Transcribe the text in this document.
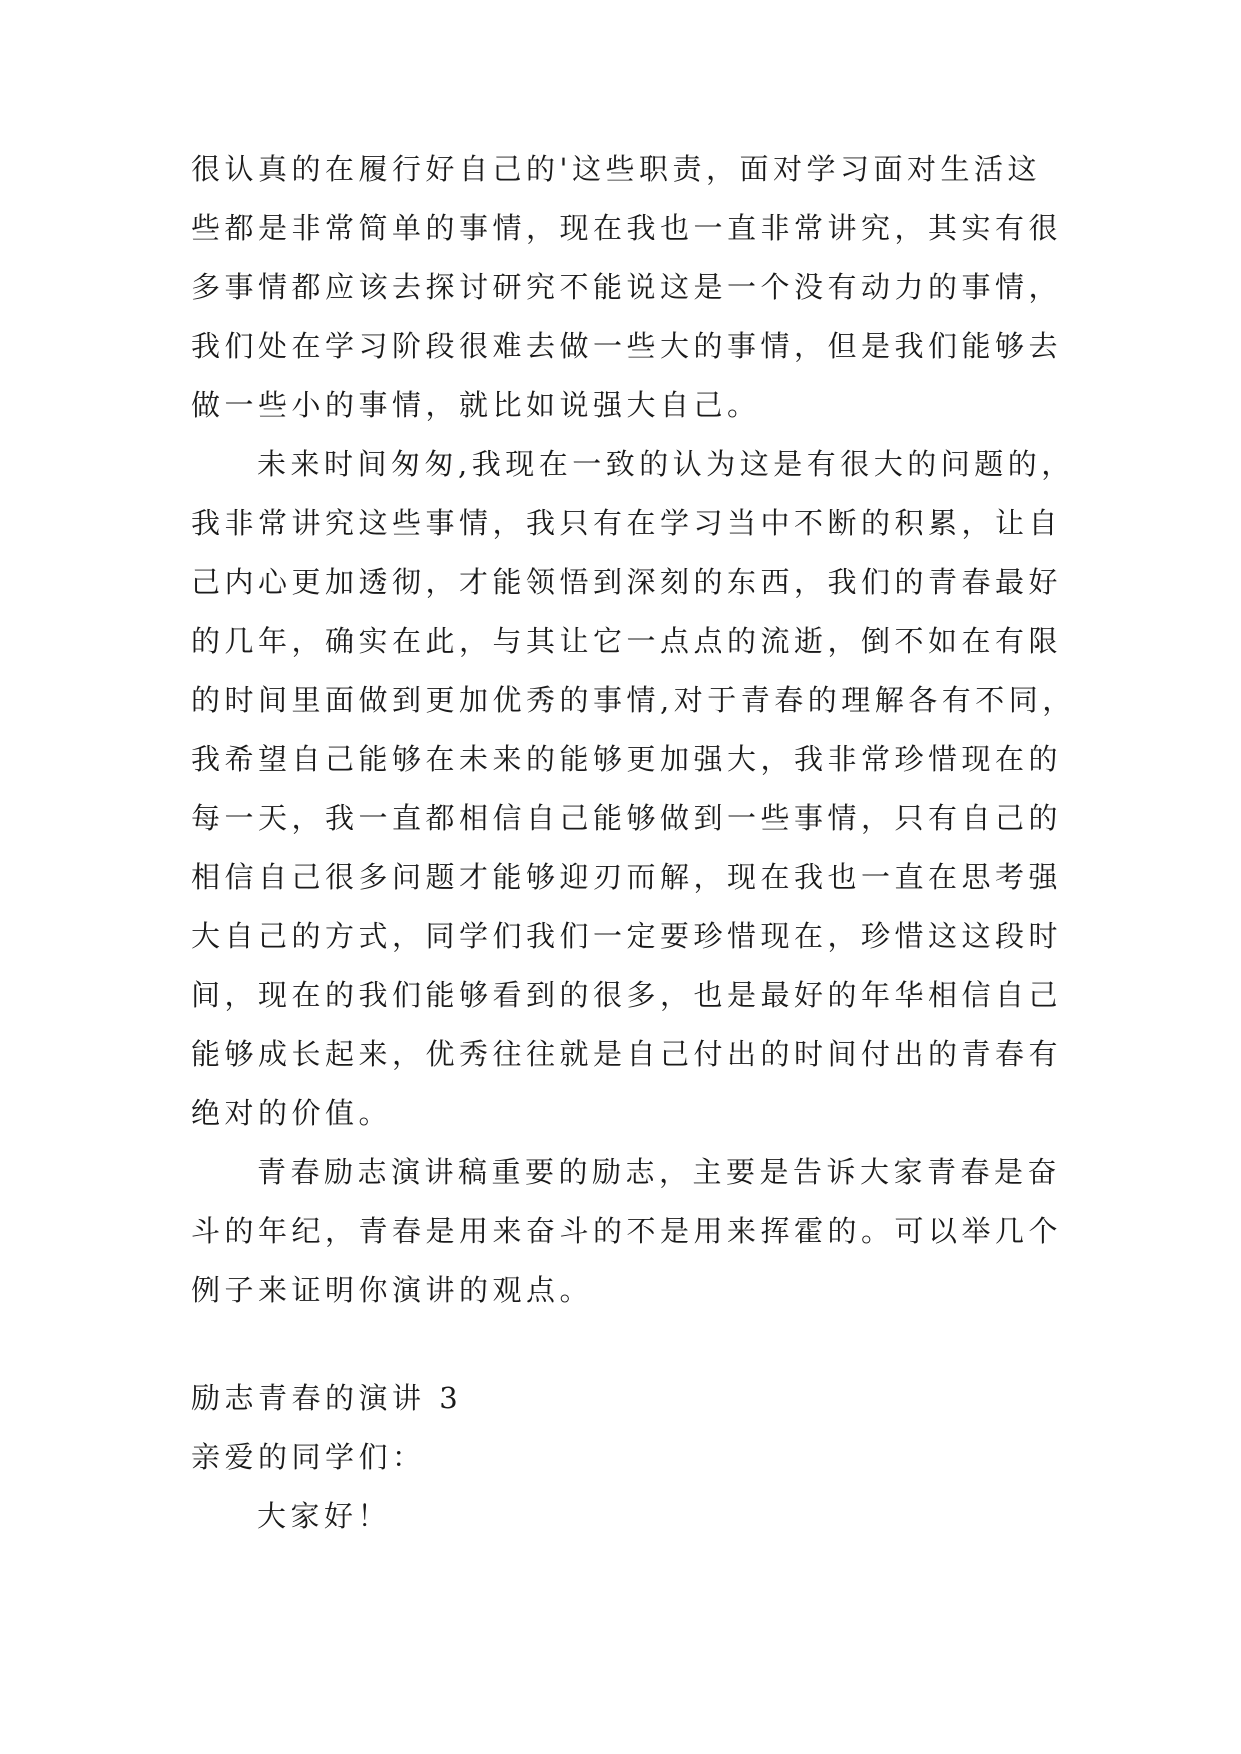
很认真的在履行好自己的'这些职责，面对学习面对生活这
些都是非常简单的事情，现在我也一直非常讲究，其实有很
多事情都应该去探讨研究不能说这是一个没有动力的事情，
我们处在学习阶段很难去做一些大的事情，但是我们能够去
做一些小的事情，就比如说强大自己。
未来时间匆匆,我现在一致的认为这是有很大的问题的，
我非常讲究这些事情，我只有在学习当中不断的积累，让自
己内心更加透彻，才能领悟到深刻的东西，我们的青春最好
的几年，确实在此，与其让它一点点的流逝，倒不如在有限
的时间里面做到更加优秀的事情,对于青春的理解各有不同，
我希望自己能够在未来的能够更加强大，我非常珍惜现在的
每一天，我一直都相信自己能够做到一些事情，只有自己的
相信自己很多问题才能够迎刃而解，现在我也一直在思考强
大自己的方式，同学们我们一定要珍惜现在，珍惜这这段时
间，现在的我们能够看到的很多，也是最好的年华相信自己
能够成长起来，优秀往往就是自己付出的时间付出的青春有
绝对的价值。
青春励志演讲稿重要的励志，主要是告诉大家青春是奋
斗的年纪，青春是用来奋斗的不是用来挥霍的。可以举几个
例子来证明你演讲的观点。
励志青春的演讲 3
亲爱的同学们：
大家好！
